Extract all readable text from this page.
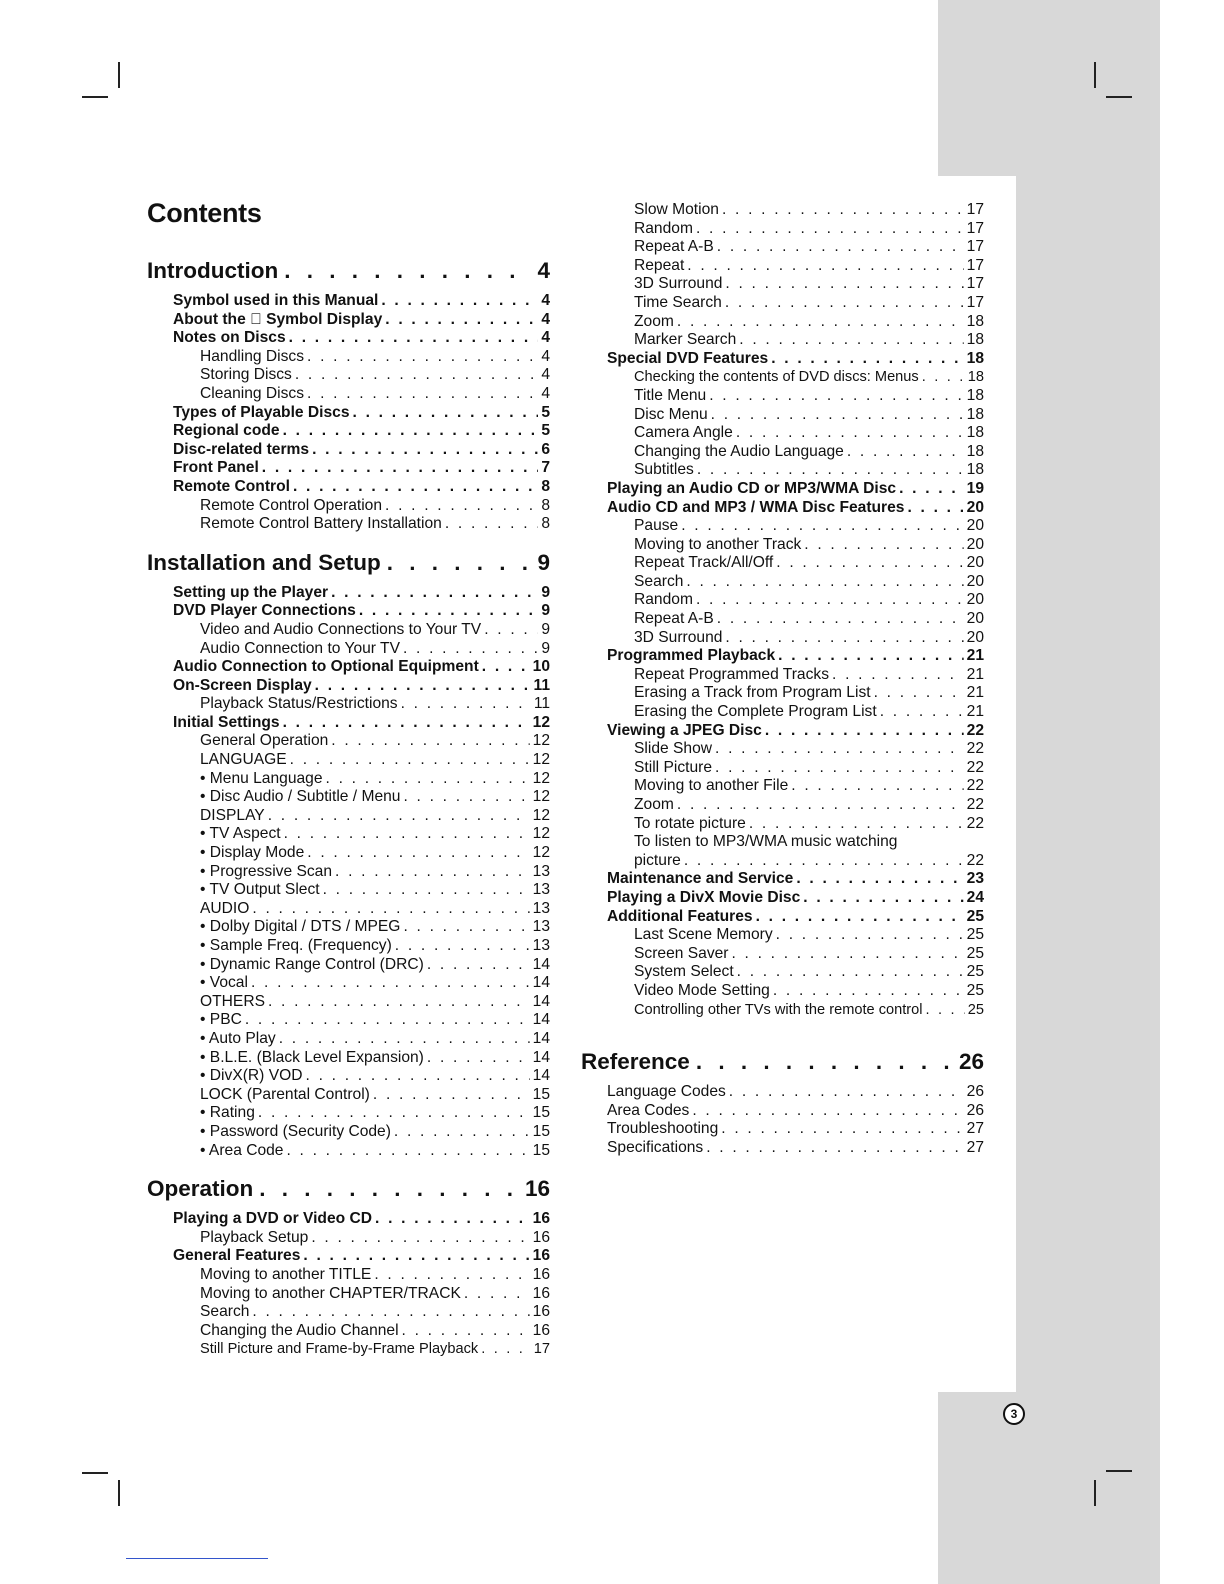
Contents
Introduction . . .	4
Symbol used in this Manual . . .	4
About the ⃠ Symbol Display . . .	4
Notes on Discs . . .	4
Handling Discs . . .	4
Storing Discs . . .	4
Cleaning Discs . . .	4
Types of Playable Discs . . .	5
Regional code . . .	5
Disc-related terms . . .	6
Front Panel . . .	7
Remote Control . . .	8
Remote Control Operation . . .	8
Remote Control Battery Installation . . .	8
Installation and Setup . . .	9
Setting up the Player . . .	9
DVD Player Connections . . .	9
Video and Audio Connections to Your TV . . .	9
Audio Connection to Your TV . . .	9
Audio Connection to Optional Equipment . . .	10
On-Screen Display . . .	11
Playback Status/Restrictions . . .	11
Initial Settings . . .	12
General Operation . . .	12
LANGUAGE . . .	12
• Menu Language . . .	12
• Disc Audio / Subtitle / Menu . . .	12
DISPLAY . . .	12
• TV Aspect . . .	12
• Display Mode . . .	12
• Progressive Scan . . .	13
• TV Output Slect . . .	13
AUDIO . . .	13
• Dolby Digital / DTS / MPEG . . .	13
• Sample Freq. (Frequency) . . .	13
• Dynamic Range Control (DRC) . . .	14
• Vocal . . .	14
OTHERS . . .	14
• PBC . . .	14
• Auto Play . . .	14
• B.L.E. (Black Level Expansion) . . .	14
• DivX(R) VOD . . .	14
LOCK (Parental Control) . . .	15
• Rating . . .	15
• Password (Security Code) . . .	15
• Area Code . . .	15
Operation . . .	16
Playing a DVD or Video CD . . .	16
Playback Setup . . .	16
General Features . . .	16
Moving to another TITLE . . .	16
Moving to another CHAPTER/TRACK . . .	16
Search . . .	16
Changing the Audio Channel . . .	16
Still Picture and Frame-by-Frame Playback . . .	17
Slow Motion . . .	17
Random . . .	17
Repeat A-B . . .	17
Repeat . . .	17
3D Surround . . .	17
Time Search . . .	17
Zoom . . .	18
Marker Search . . .	18
Special DVD Features . . .	18
Checking the contents of DVD discs: Menus . . .	18
Title Menu . . .	18
Disc Menu . . .	18
Camera Angle . . .	18
Changing the Audio Language . . .	18
Subtitles . . .	18
Playing an Audio CD or MP3/WMA Disc . . .	19
Audio CD and MP3 / WMA Disc Features . . .	20
Pause . . .	20
Moving to another Track . . .	20
Repeat Track/All/Off . . .	20
Search . . .	20
Random . . .	20
Repeat A-B . . .	20
3D Surround . . .	20
Programmed Playback . . .	21
Repeat Programmed Tracks . . .	21
Erasing a Track from Program List . . .	21
Erasing the Complete Program List . . .	21
Viewing a JPEG Disc . . .	22
Slide Show . . .	22
Still Picture . . .	22
Moving to another File . . .	22
Zoom . . .	22
To rotate picture . . .	22
To listen to MP3/WMA music watching
picture . . .	22
Maintenance and Service . . .	23
Playing a DivX Movie Disc . . .	24
Additional Features . . .	25
Last Scene Memory . . .	25
Screen Saver . . .	25
System Select . . .	25
Video Mode Setting . . .	25
Controlling other TVs with the remote control . . .	25
Reference . . .	26
Language Codes . . .	26
Area Codes . . .	26
Troubleshooting . . .	27
Specifications . . .	27
3
